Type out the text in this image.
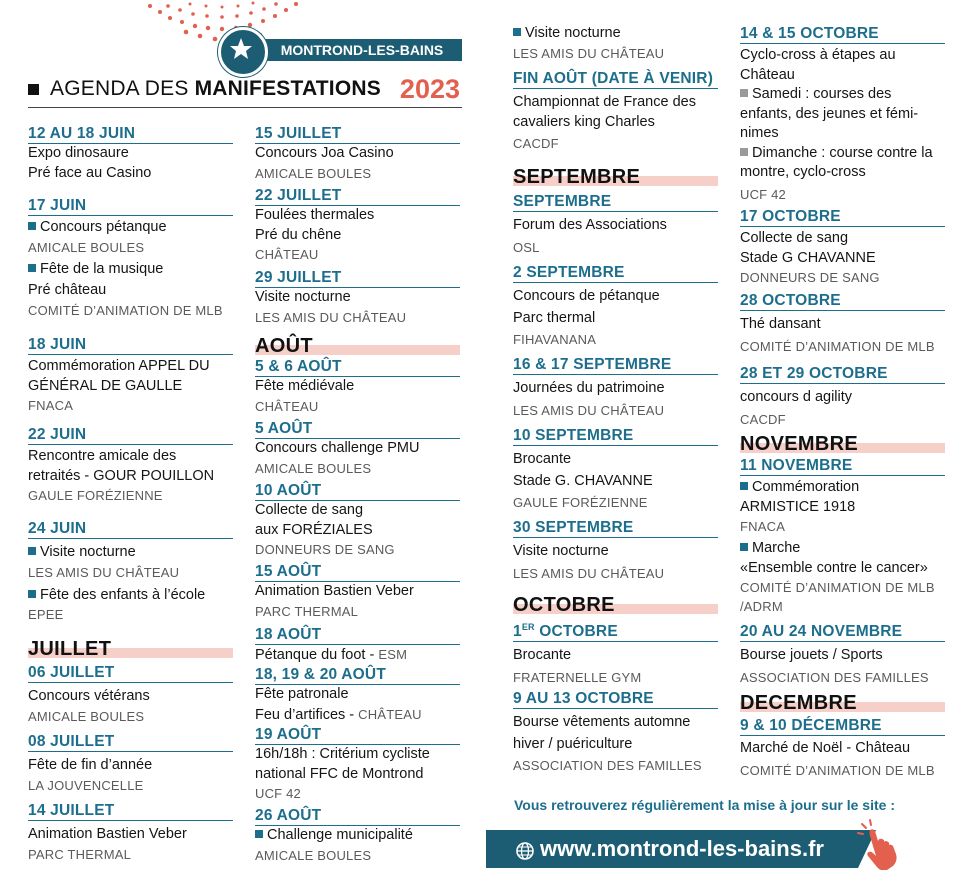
MONTROND-LES-BAINS
AGENDA DES MANIFESTATIONS 2023
12 AU 18 JUIN
Expo dinosaure
Pré face au Casino
17 JUIN
Concours pétanque
AMICALE BOULES
Fête de la musique
Pré château
COMITÉ D’ANIMATION DE MLB
18 JUIN
Commémoration APPEL DU
GÉNÉRAL DE GAULLE
FNACA
22 JUIN
Rencontre amicale des
retraités - GOUR POUILLON
GAULE FORÉZIENNE
24 JUIN
Visite nocturne
LES AMIS DU CHÂTEAU
Fête des enfants à l’école
EPEE
JUILLET
06 JUILLET
Concours vétérans
AMICALE BOULES
08 JUILLET
Fête de fin d’année
LA JOUVENCELLE
14 JUILLET
Animation Bastien Veber
PARC THERMAL
15 JUILLET
Concours Joa Casino
AMICALE BOULES
22 JUILLET
Foulées thermales
Pré du chêne
CHÂTEAU
29 JUILLET
Visite nocturne
LES AMIS DU CHÂTEAU
AOÛT
5 & 6 AOÛT
Fête médiévale
CHÂTEAU
5 AOÛT
Concours challenge PMU
AMICALE BOULES
10 AOÛT
Collecte de sang
aux FORÉZIALES
DONNEURS DE SANG
15 AOÛT
Animation Bastien Veber
PARC THERMAL
18 AOÛT
Pétanque du foot - ESM
18, 19 & 20 AOÛT
Fête patronale
Feu d’artifices - CHÂTEAU
19 AOÛT
16h/18h : Critérium cycliste
national FFC de Montrond
UCF 42
26 AOÛT
Challenge municipalité
AMICALE BOULES
Visite nocturne
LES AMIS DU CHÂTEAU
FIN AOÛT (DATE À VENIR)
Championnat de France des
cavaliers king Charles
CACDF
SEPTEMBRE
SEPTEMBRE
Forum des Associations
OSL
2 SEPTEMBRE
Concours de pétanque
Parc thermal
FIHAVANANA
16 & 17 SEPTEMBRE
Journées du patrimoine
LES AMIS DU CHÂTEAU
10 SEPTEMBRE
Brocante
Stade G. CHAVANNE
GAULE FORÉZIENNE
30 SEPTEMBRE
Visite nocturne
LES AMIS DU CHÂTEAU
OCTOBRE
1ER OCTOBRE
Brocante
FRATERNELLE GYM
9 AU 13 OCTOBRE
Bourse vêtements automne
hiver / puériculture
ASSOCIATION DES FAMILLES
14 & 15 OCTOBRE
Cyclo-cross à étapes au
Château
Samedi : courses des
enfants, des jeunes et fémi-
nimes
Dimanche : course contre la
montre, cyclo-cross
UCF 42
17 OCTOBRE
Collecte de sang
Stade G CHAVANNE
DONNEURS DE SANG
28 OCTOBRE
Thé dansant
COMITÉ D’ANIMATION DE MLB
28 ET 29 OCTOBRE
concours d agility
CACDF
NOVEMBRE
11 NOVEMBRE
Commémoration
ARMISTICE 1918
FNACA
Marche
«Ensemble contre le cancer»
COMITÉ D’ANIMATION DE MLB
/ADRM
20 AU 24 NOVEMBRE
Bourse jouets / Sports
ASSOCIATION DES FAMILLES
DECEMBRE
9 & 10 DÉCEMBRE
Marché de Noël - Château
COMITÉ D’ANIMATION DE MLB
Vous retrouverez régulièrement la mise à jour sur le site :
www.montrond-les-bains.fr
